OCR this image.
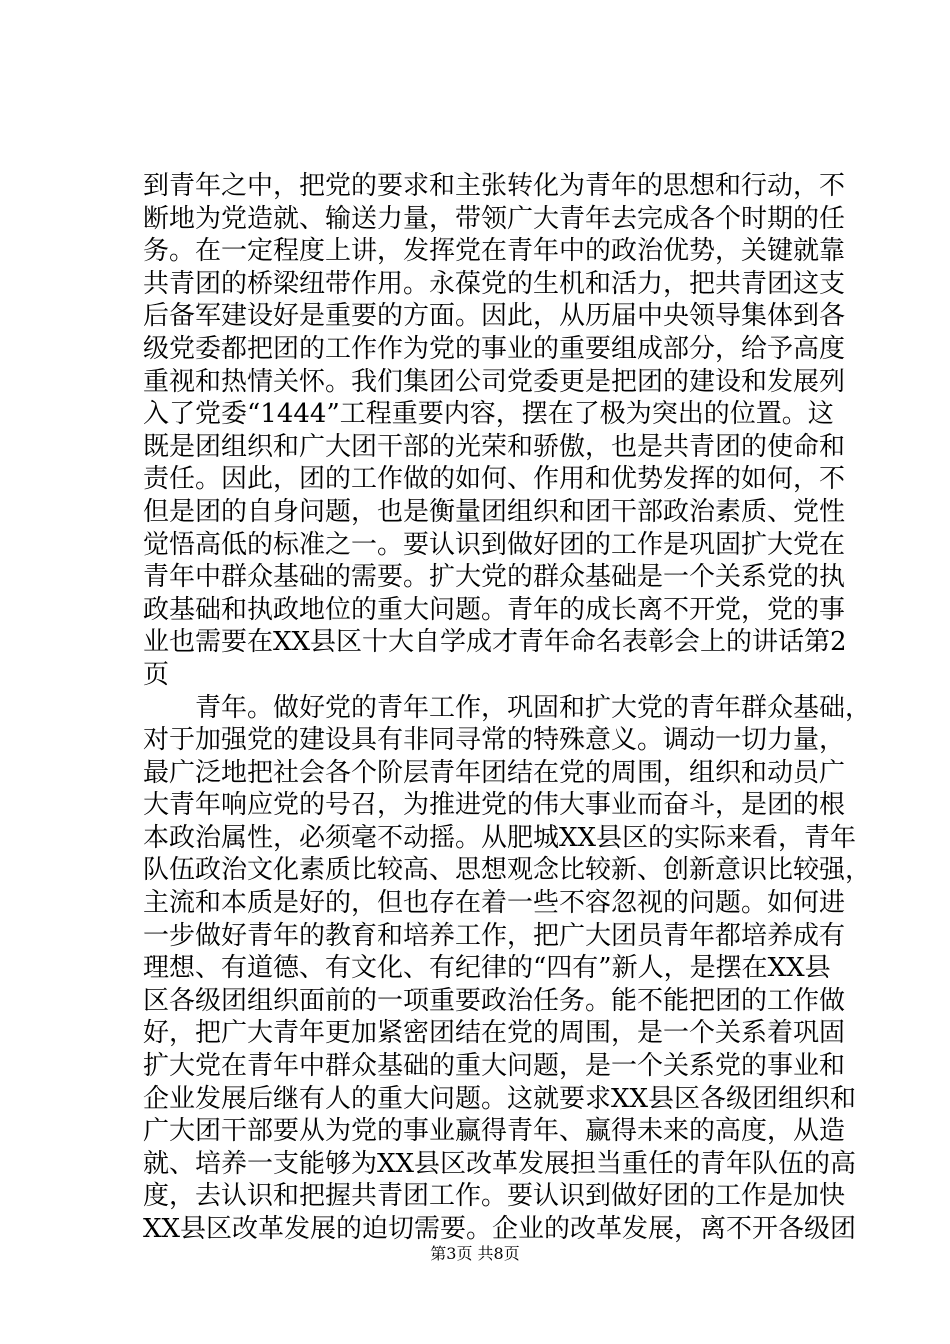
到青年之中，把党的要求和主张转化为青年的思想和行动，不
断地为党造就、输送力量，带领广大青年去完成各个时期的任
务。在一定程度上讲，发挥党在青年中的政治优势，关键就靠
共青团的桥梁纽带作用。永葆党的生机和活力，把共青团这支
后备军建设好是重要的方面。因此，从历届中央领导集体到各
级党委都把团的工作作为党的事业的重要组成部分，给予高度
重视和热情关怀。我们集团公司党委更是把团的建设和发展列
入了党委“1444”工程重要内容，摆在了极为突出的位置。这
既是团组织和广大团干部的光荣和骄傲，也是共青团的使命和
责任。因此，团的工作做的如何、作用和优势发挥的如何，不
但是团的自身问题，也是衡量团组织和团干部政治素质、党性
觉悟高低的标准之一。要认识到做好团的工作是巩固扩大党在
青年中群众基础的需要。扩大党的群众基础是一个关系党的执
政基础和执政地位的重大问题。青年的成长离不开党，党的事
业也需要在XX县区十大自学成才青年命名表彰会上的讲话第2
页
　　青年。做好党的青年工作，巩固和扩大党的青年群众基础，
对于加强党的建设具有非同寻常的特殊意义。调动一切力量，
最广泛地把社会各个阶层青年团结在党的周围，组织和动员广
大青年响应党的号召，为推进党的伟大事业而奋斗，是团的根
本政治属性，必须毫不动摇。从肥城XX县区的实际来看，青年
队伍政治文化素质比较高、思想观念比较新、创新意识比较强，
主流和本质是好的，但也存在着一些不容忽视的问题。如何进
一步做好青年的教育和培养工作，把广大团员青年都培养成有
理想、有道德、有文化、有纪律的“四有”新人，是摆在XX县
区各级团组织面前的一项重要政治任务。能不能把团的工作做
好，把广大青年更加紧密团结在党的周围，是一个关系着巩固
扩大党在青年中群众基础的重大问题，是一个关系党的事业和
企业发展后继有人的重大问题。这就要求XX县区各级团组织和
广大团干部要从为党的事业赢得青年、赢得未来的高度，从造
就、培养一支能够为XX县区改革发展担当重任的青年队伍的高
度，去认识和把握共青团工作。要认识到做好团的工作是加快
XX县区改革发展的迫切需要。企业的改革发展，离不开各级团
第3页 共8页
